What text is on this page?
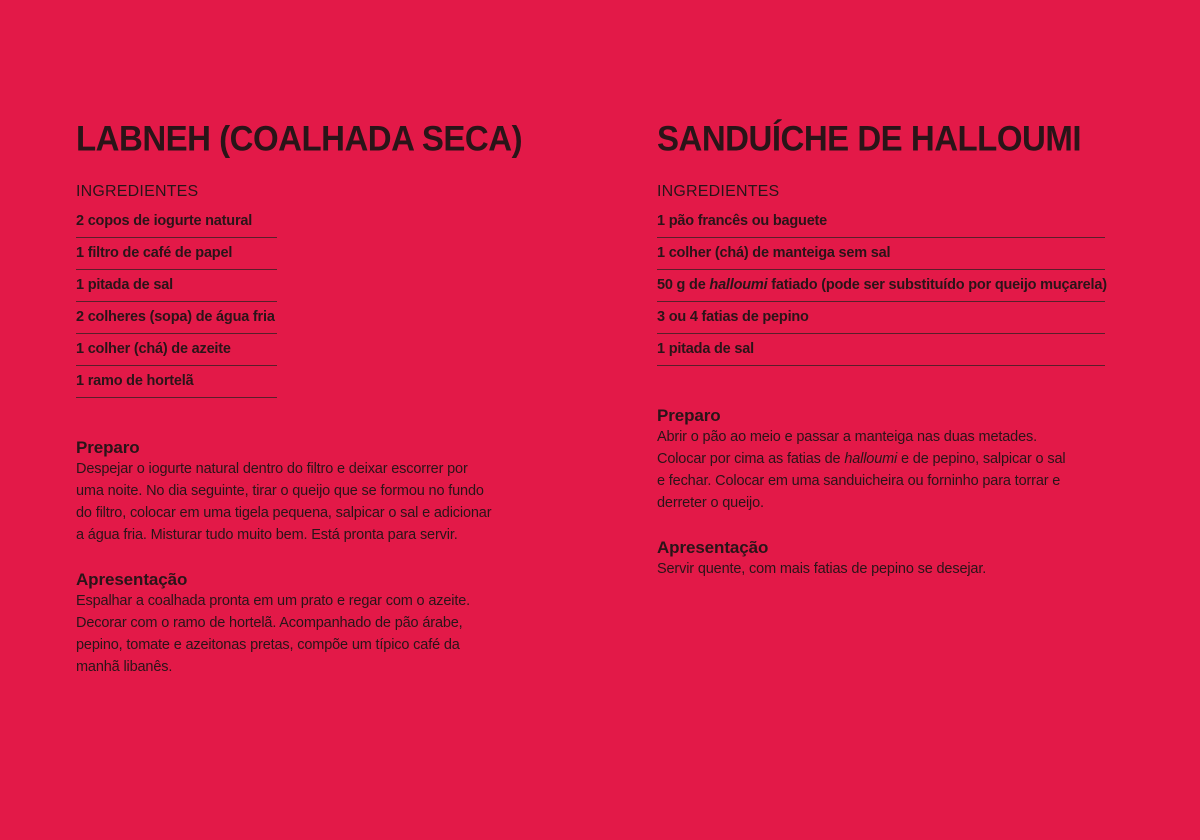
LABNEH (COALHADA SECA)
INGREDIENTES
2 copos de iogurte natural
1 filtro de café de papel
1 pitada de sal
2 colheres (sopa) de água fria
1 colher (chá) de azeite
1 ramo de hortelã
Preparo

Despejar o iogurte natural dentro do filtro e deixar escorrer por uma noite. No dia seguinte, tirar o queijo que se formou no fundo do filtro, colocar em uma tigela pequena, salpicar o sal e adicionar a água fria. Misturar tudo muito bem. Está pronta para servir.

Apresentação

Espalhar a coalhada pronta em um prato e regar com o azeite. Decorar com o ramo de hortelã. Acompanhado de pão árabe, pepino, tomate e azeitonas pretas, compõe um típico café da manhã libanês.

SANDUÍCHE DE HALLOUMI
INGREDIENTES
1 pão francês ou baguete
1 colher (chá) de manteiga sem sal
50 g de halloumi fatiado (pode ser substituído por queijo muçarela)
3 ou 4 fatias de pepino
1 pitada de sal
Preparo

Abrir o pão ao meio e passar a manteiga nas duas metades. Colocar por cima as fatias de halloumi e de pepino, salpicar o sal e fechar. Colocar em uma sanduicheira ou forninho para torrar e derreter o queijo.

Apresentação

Servir quente, com mais fatias de pepino se desejar.
